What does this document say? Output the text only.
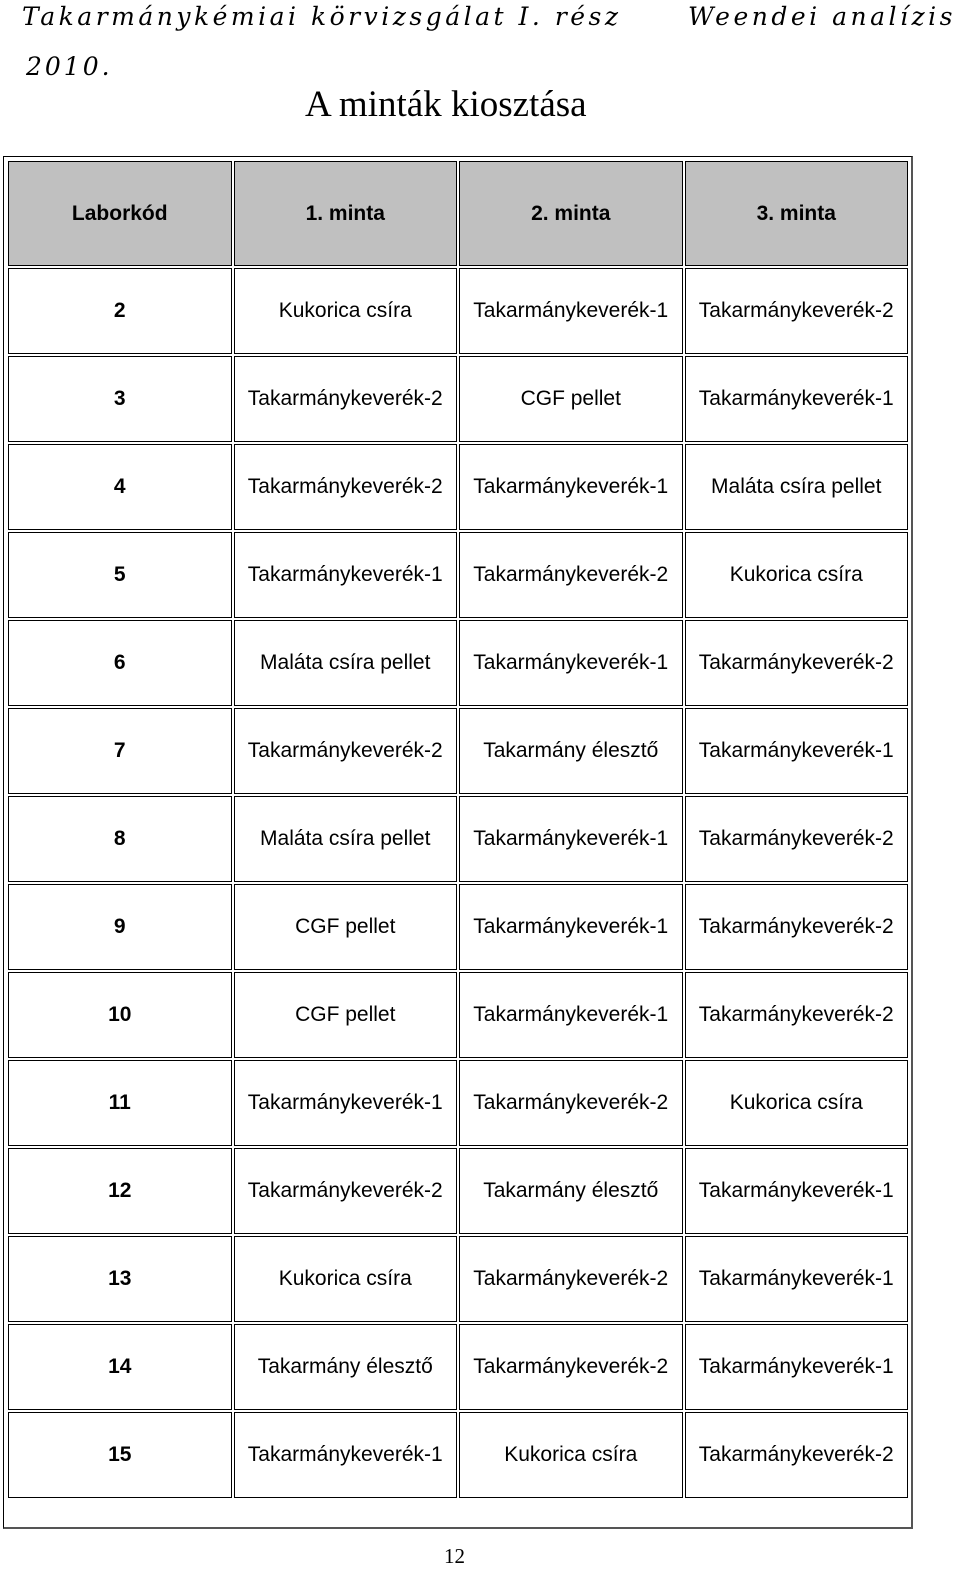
Takarmánykémiai körvizsgálat I. rész	Weendei analízis
2010.
A minták kiosztása
Laborkód	1. minta	2. minta	3. minta
2	Kukorica csíra	Takarmánykeverék-1	Takarmánykeverék-2
3	Takarmánykeverék-2	CGF pellet	Takarmánykeverék-1
4	Takarmánykeverék-2	Takarmánykeverék-1	Maláta csíra pellet
5	Takarmánykeverék-1	Takarmánykeverék-2	Kukorica csíra
6	Maláta csíra pellet	Takarmánykeverék-1	Takarmánykeverék-2
7	Takarmánykeverék-2	Takarmány élesztő	Takarmánykeverék-1
8	Maláta csíra pellet	Takarmánykeverék-1	Takarmánykeverék-2
9	CGF pellet	Takarmánykeverék-1	Takarmánykeverék-2
10	CGF pellet	Takarmánykeverék-1	Takarmánykeverék-2
11	Takarmánykeverék-1	Takarmánykeverék-2	Kukorica csíra
12	Takarmánykeverék-2	Takarmány élesztő	Takarmánykeverék-1
13	Kukorica csíra	Takarmánykeverék-2	Takarmánykeverék-1
14	Takarmány élesztő	Takarmánykeverék-2	Takarmánykeverék-1
15	Takarmánykeverék-1	Kukorica csíra	Takarmánykeverék-2
12
